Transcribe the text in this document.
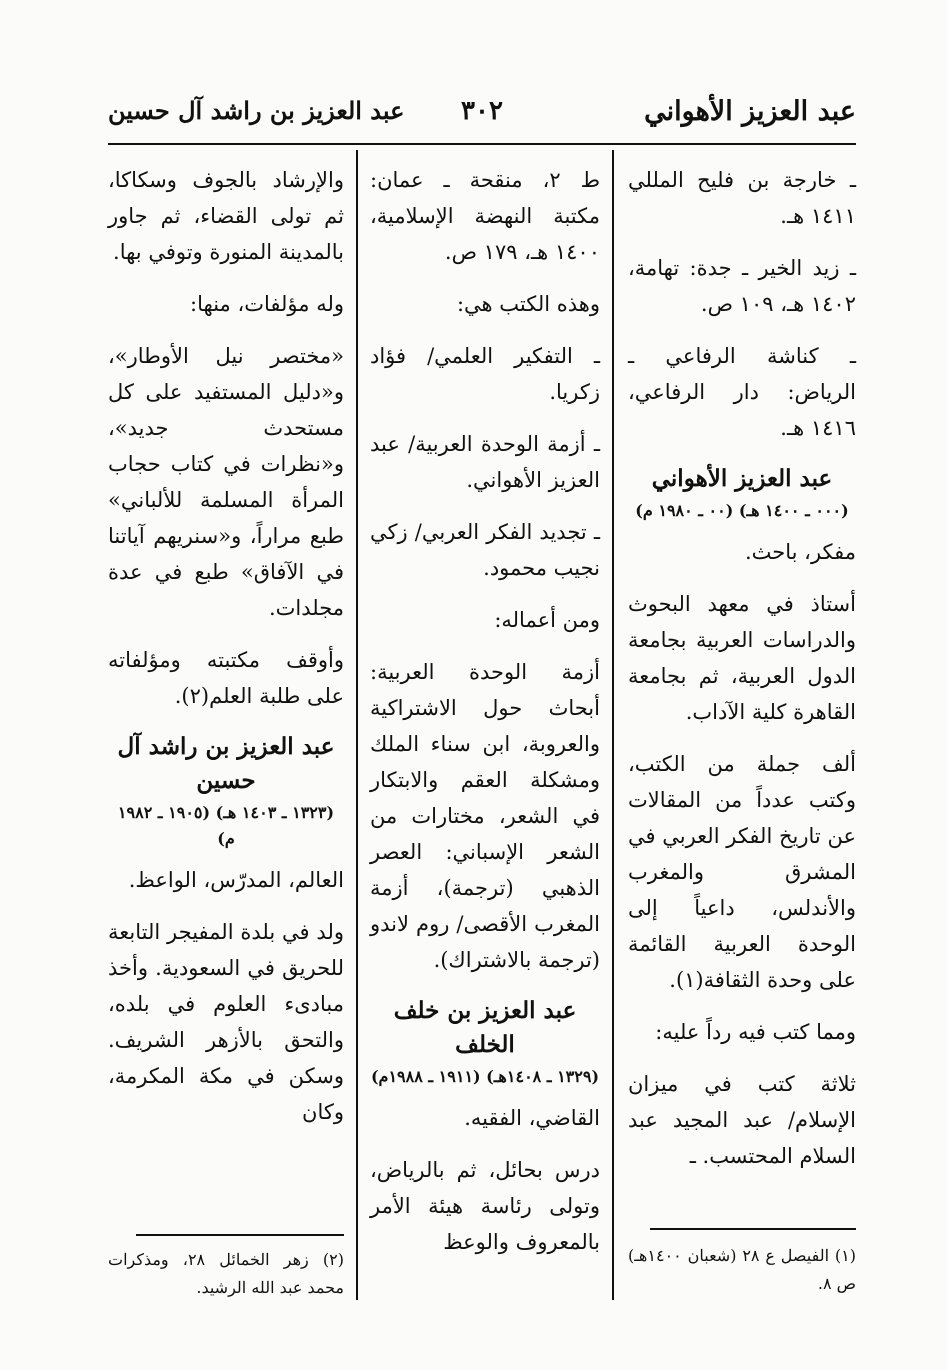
عبد العزيز الأهواني
٣٠٢
عبد العزيز بن راشد آل حسين

ـ خارجة بن فليح المللي ١٤١١ هـ.

ـ زيد الخير ـ جدة: تهامة، ١٤٠٢ هـ، ١٠٩ ص.

ـ كناشة الرفاعي ـ الرياض: دار الرفاعي، ١٤١٦ هـ.

عبد العزيز الأهواني
(٠٠٠ ـ ١٤٠٠ هـ) (٠٠ ـ ١٩٨٠ م)

مفكر، باحث.

أستاذ في معهد البحوث والدراسات العربية بجامعة الدول العربية، ثم بجامعة القاهرة كلية الآداب.

ألف جملة من الكتب، وكتب عدداً من المقالات عن تاريخ الفكر العربي في المشرق والمغرب والأندلس، داعياً إلى الوحدة العربية القائمة على وحدة الثقافة(١).

ومما كتب فيه رداً عليه:

ثلاثة كتب في ميزان الإسلام/ عبد المجيد عبد السلام المحتسب. ـ

(١) الفيصل ع ٢٨ (شعبان ١٤٠٠هـ) ص ٨.

ط ٢، منقحة ـ عمان: مكتبة النهضة الإسلامية، ١٤٠٠ هـ، ١٧٩ ص.

وهذه الكتب هي:

ـ التفكير العلمي/ فؤاد زكريا.

ـ أزمة الوحدة العربية/ عبد العزيز الأهواني.

ـ تجديد الفكر العربي/ زكي نجيب محمود.

ومن أعماله:

أزمة الوحدة العربية: أبحاث حول الاشتراكية والعروبة، ابن سناء الملك ومشكلة العقم والابتكار في الشعر، مختارات من الشعر الإسباني: العصر الذهبي (ترجمة)، أزمة المغرب الأقصى/ روم لاندو (ترجمة بالاشتراك).

عبد العزيز بن خلف الخلف
(١٣٢٩ ـ ١٤٠٨هـ) (١٩١١ ـ ١٩٨٨م)

القاضي، الفقيه.

درس بحائل، ثم بالرياض، وتولى رئاسة هيئة الأمر بالمعروف والوعظ

والإرشاد بالجوف وسكاكا، ثم تولى القضاء، ثم جاور بالمدينة المنورة وتوفي بها.

وله مؤلفات، منها:

«مختصر نيل الأوطار»، و«دليل المستفيد على كل مستحدث جديد»، و«نظرات في كتاب حجاب المرأة المسلمة للألباني» طبع مراراً، و«سنريهم آياتنا في الآفاق» طبع في عدة مجلدات.

وأوقف مكتبته ومؤلفاته على طلبة العلم(٢).

عبد العزيز بن راشد آل حسين
(١٣٢٣ ـ ١٤٠٣ هـ) (١٩٠٥ ـ ١٩٨٢ م)

العالم، المدرّس، الواعظ.

ولد في بلدة المفيجر التابعة للحريق في السعودية. وأخذ مبادىء العلوم في بلده، والتحق بالأزهر الشريف. وسكن في مكة المكرمة، وكان

(٢) زهر الخمائل ٢٨، ومذكرات محمد عبد الله الرشيد.
